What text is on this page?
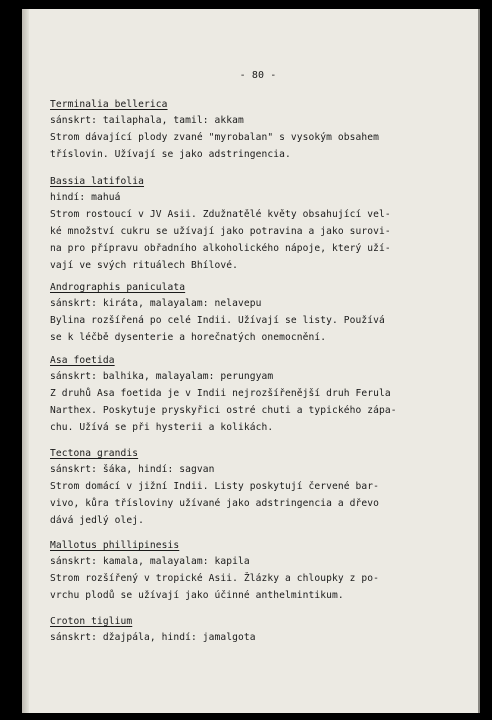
- 80 -
Terminalia bellerica
sánskrt: tailaphala, tamil: akkam
Strom dávající plody zvané "myrobalan" s vysokým obsahem
tříslovin. Užívají se jako adstringencia.
Bassia latifolia
hindí: mahuá
Strom rostoucí v JV Asii. Zdužnatělé květy obsahující vel-
ké množství cukru se užívají jako potravina a jako surovi-
na pro přípravu obřadního alkoholického nápoje, který uží-
vají ve svých rituálech Bhílové.
Andrographis paniculata
sánskrt: kiráta, malayalam: nelavepu
Bylina rozšířená po celé Indii. Užívají se listy. Používá
se k léčbě dysenterie a horečnatých onemocnění.
Asa foetida
sánskrt: balhika, malayalam: perungyam
Z druhů Asa foetida je v Indii nejrozšířenější druh Ferula
Narthex. Poskytuje pryskyřici ostré chuti a typického zápa-
chu. Užívá se při hysterii a kolikách.
Tectona grandis
sánskrt: šáka, hindí: sagvan
Strom domácí v jižní Indii. Listy poskytují červené bar-
vivo, kůra třísloviny užívané jako adstringencia a dřevo
dává jedlý olej.
Mallotus phillipinesis
sánskrt: kamala, malayalam: kapila
Strom rozšířený v tropické Asii. Žlázky a chloupky z po-
vrchu plodů se užívají jako účinné anthelmintikum.
Croton tiglium
sánskrt: džajpála, hindí: jamalgota
